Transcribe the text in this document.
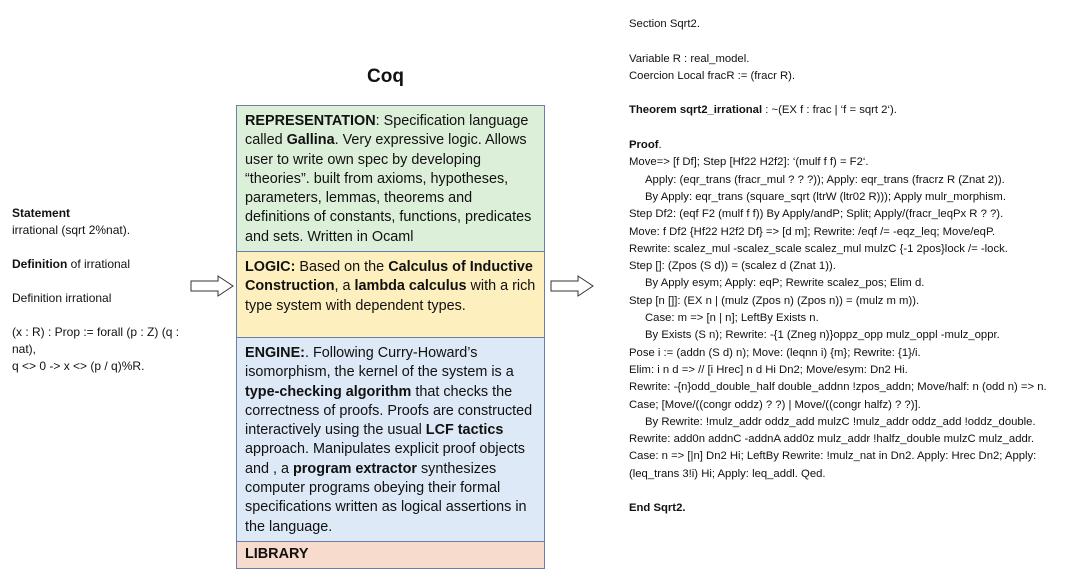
Statement
irrational (sqrt 2%nat).
Definition of irrational
Definition irrational
(x : R) : Prop := forall (p : Z) (q : nat),
q <> 0 -> x <> (p / q)%R.
Coq
REPRESENTATION: Specification language called Gallina. Very expressive logic. Allows user to write own spec by developing “theories”. built from axioms, hypotheses, parameters, lemmas, theorems and definitions of constants, functions, predicates and sets. Written in Ocaml
LOGIC: Based on the Calculus of Inductive Construction, a lambda calculus with a rich type system with dependent types.
ENGINE:. Following Curry-Howard’s isomorphism, the kernel of the system is a type-checking algorithm that checks the correctness of proofs. Proofs are constructed interactively using the usual LCF tactics approach. Manipulates explicit proof objects and , a program extractor synthesizes computer programs obeying their formal specifications written as logical assertions in the language.
LIBRARY
Section Sqrt2.
Variable R : real_model.
Coercion Local fracR := (fracr R).
Theorem sqrt2_irrational : ~(EX f : frac | ‘f = sqrt 2‘).
Proof.
Move=> [f Df]; Step [Hf22 H2f2]: ‘(mulf f f) = F2‘.
Apply: (eqr_trans (fracr_mul ? ? ?)); Apply: eqr_trans (fracrz R (Znat 2)).
By Apply: eqr_trans (square_sqrt (ltrW (ltr02 R))); Apply mulr_morphism.
Step Df2: (eqf F2 (mulf f f)) By Apply/andP; Split; Apply/(fracr_leqPx R ? ?).
Move: f Df2 {Hf22 H2f2 Df} => [d m]; Rewrite: /eqf /= -eqz_leq; Move/eqP.
Rewrite: scalez_mul -scalez_scale scalez_mul mulzC {-1 2pos}lock /= -lock.
Step []: (Zpos (S d)) = (scalez d (Znat 1)).
By Apply esym; Apply: eqP; Rewrite scalez_pos; Elim d.
Step [n []]: (EX n | (mulz (Zpos n) (Zpos n)) = (mulz m m)).
Case: m => [n | n]; LeftBy Exists n.
By Exists (S n); Rewrite: -{1 (Zneg n)}oppz_opp mulz_oppl -mulz_oppr.
Pose i := (addn (S d) n); Move: (leqnn i) {m}; Rewrite: {1}/i.
Elim: i n d => // [i Hrec] n d Hi Dn2; Move/esym: Dn2 Hi.
Rewrite: -{n}odd_double_half double_addnn !zpos_addn; Move/half: n (odd n) => n.
Case; [Move/((congr oddz) ? ?) | Move/((congr halfz) ? ?)].
By Rewrite: !mulz_addr oddz_add mulzC !mulz_addr oddz_add !oddz_double.
Rewrite: add0n addnC -addnA add0z mulz_addr !halfz_double mulzC mulz_addr.
Case: n => [|n] Dn2 Hi; LeftBy Rewrite: !mulz_nat in Dn2. Apply: Hrec Dn2; Apply: (leq_trans 3!i) Hi; Apply: leq_addl. Qed.
End Sqrt2.
